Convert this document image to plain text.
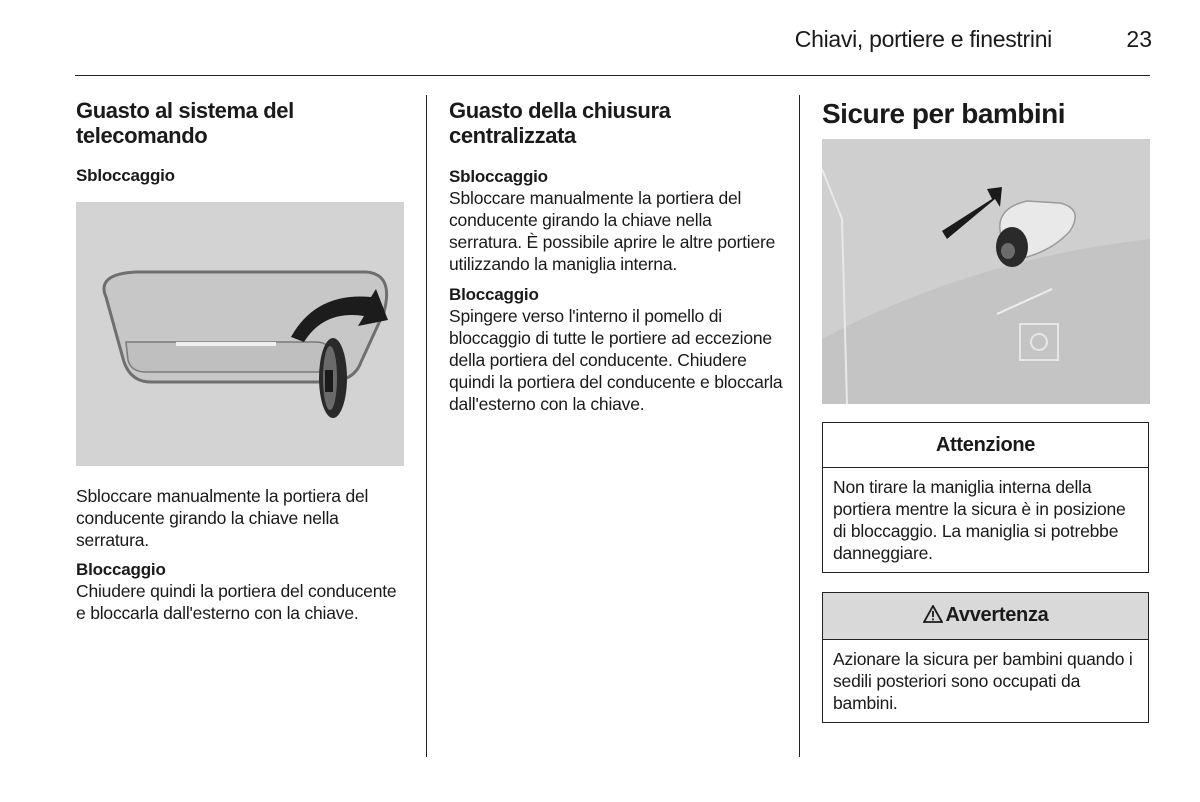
Chiavi, portiere e finestrini	23
Guasto al sistema del telecomando
Sbloccaggio
Sbloccare manualmente la portiera del conducente girando la chiave nella serratura.
Bloccaggio
Chiudere quindi la portiera del conducente e bloccarla dall'esterno con la chiave.
Guasto della chiusura centralizzata
Sbloccaggio
Sbloccare manualmente la portiera del conducente girando la chiave nella serratura. È possibile aprire le altre portiere utilizzando la maniglia interna.
Bloccaggio
Spingere verso l'interno il pomello di bloccaggio di tutte le portiere ad eccezione della portiera del conducente. Chiudere quindi la portiera del conducente e bloccarla dall'esterno con la chiave.
Sicure per bambini
Attenzione
Non tirare la maniglia interna della portiera mentre la sicura è in posizione di bloccaggio. La maniglia si potrebbe danneggiare.
Avvertenza
Azionare la sicura per bambini quando i sedili posteriori sono occupati da bambini.
